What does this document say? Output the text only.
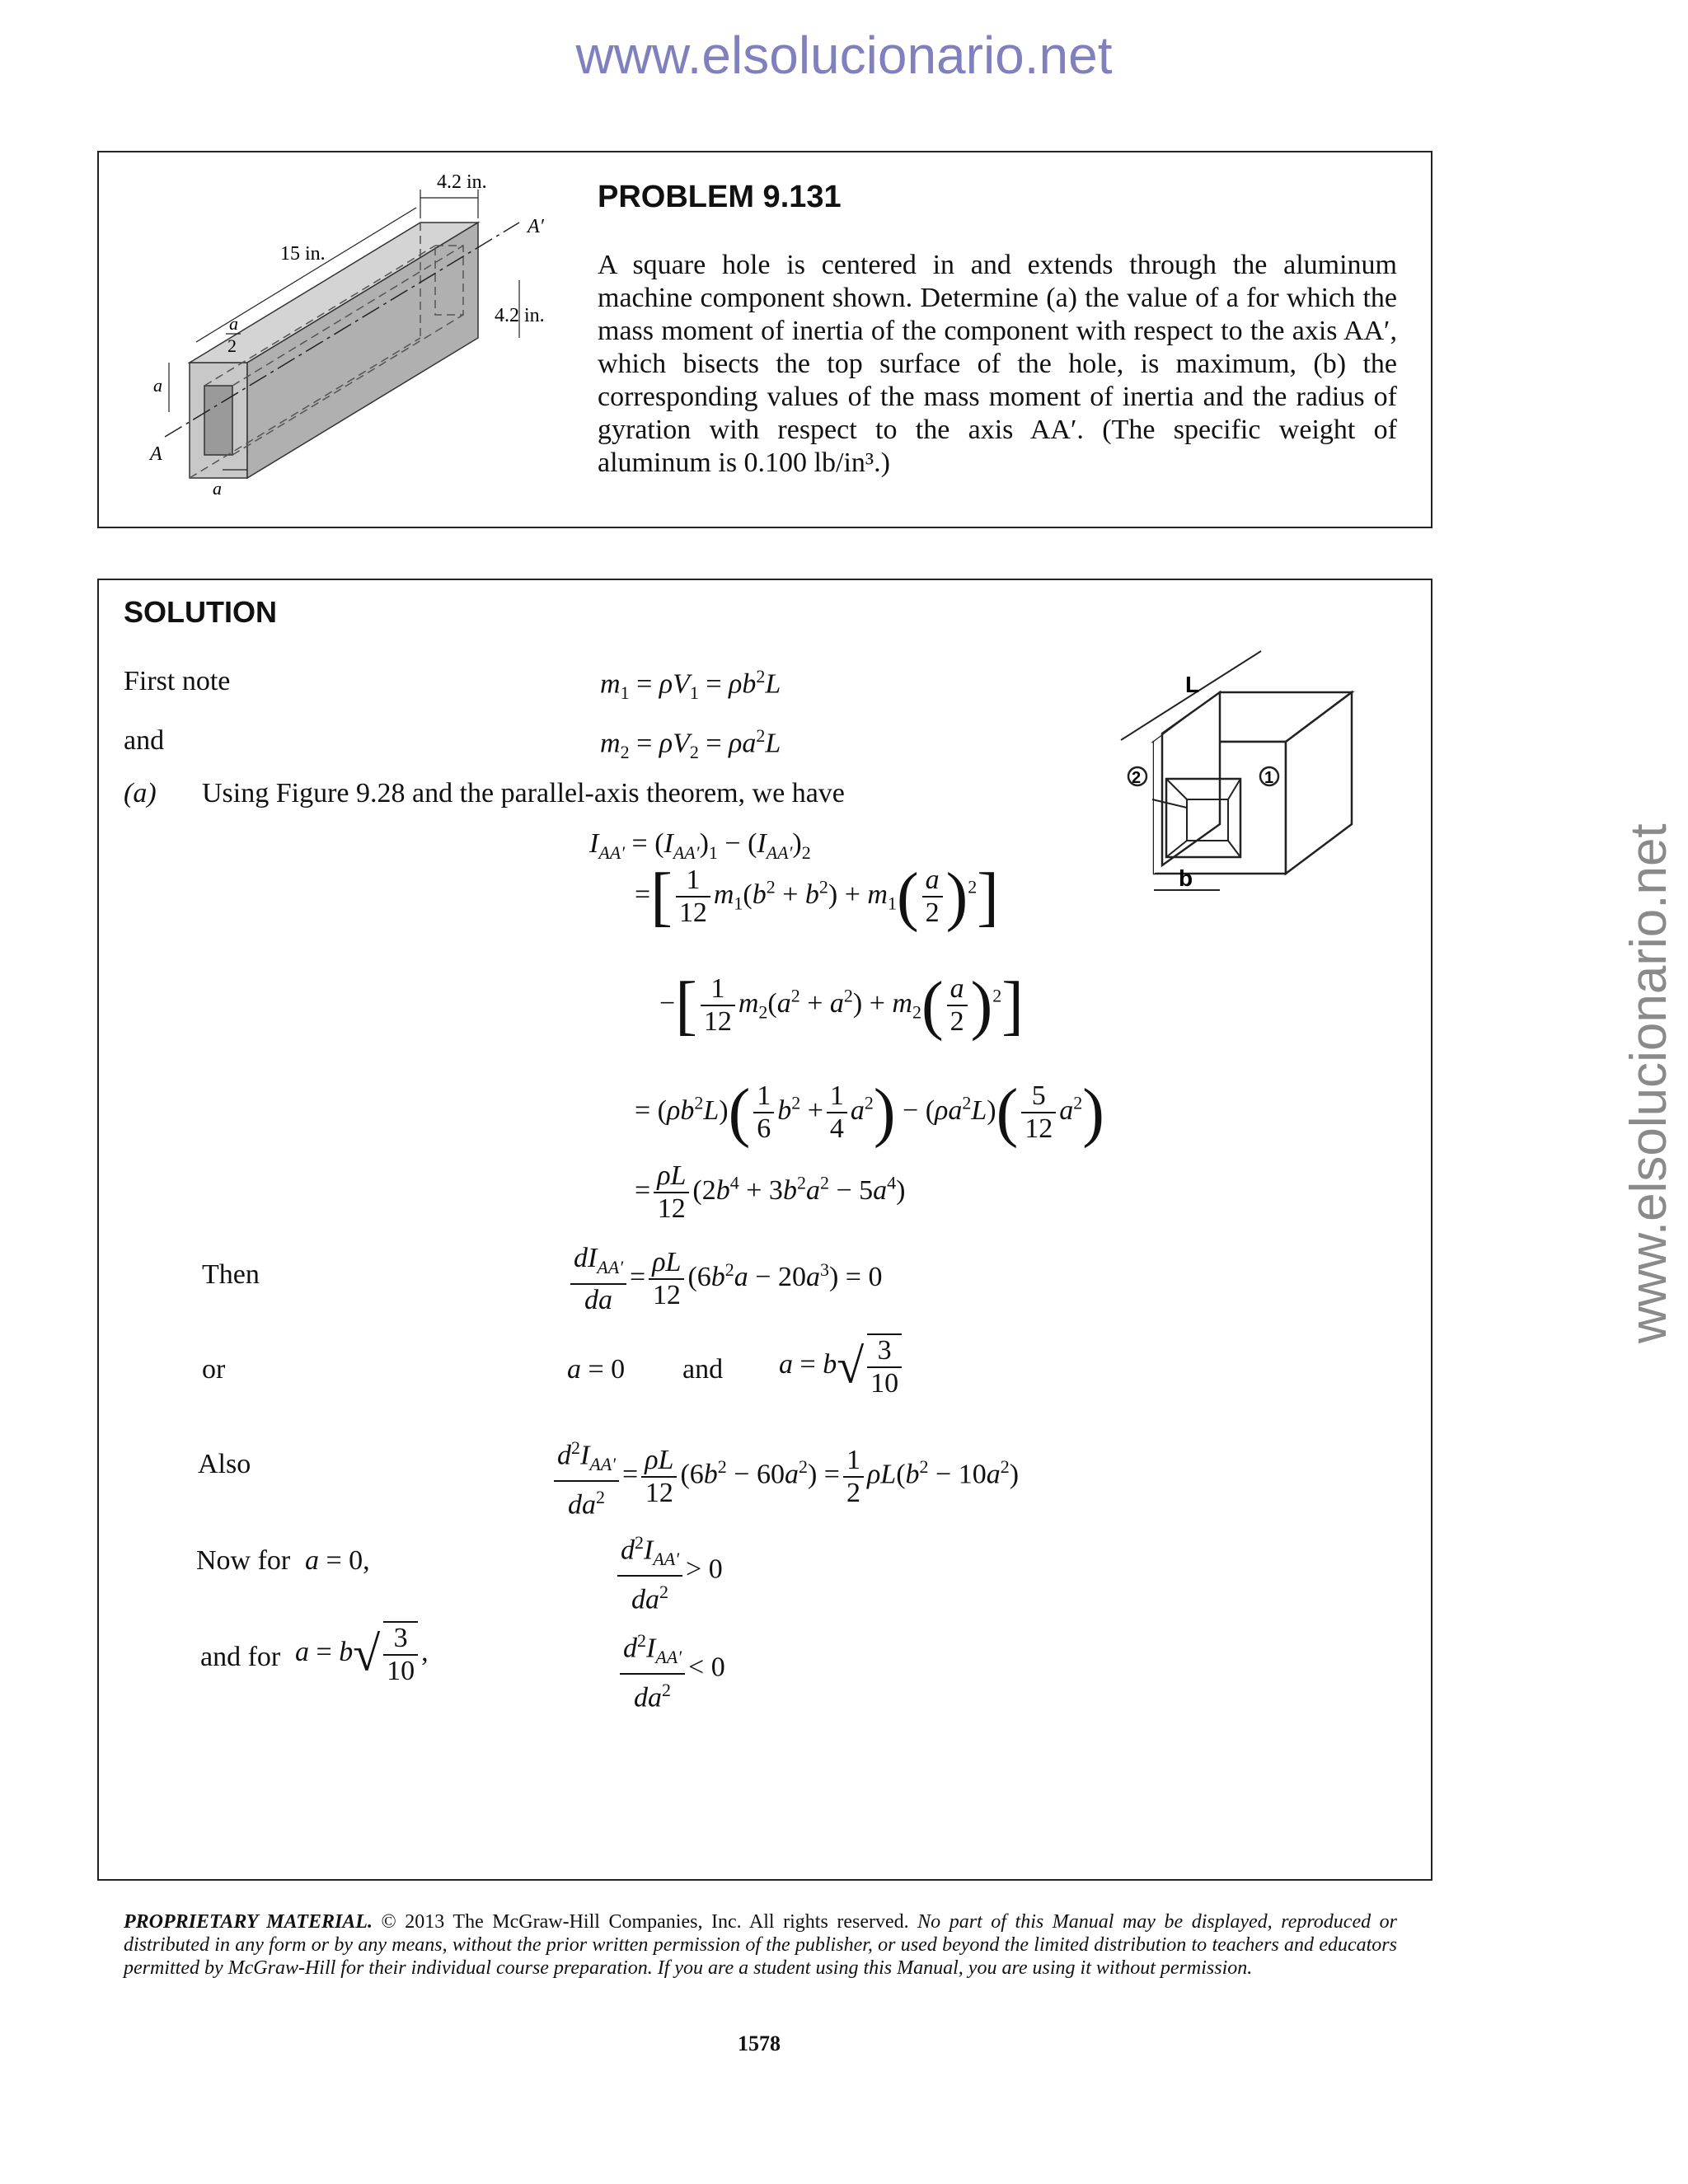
www.elsolucionario.net
www.elsolucionario.net
4.2 in.
15 in.
4.2 in.
A′
A
a
2
a
a
PROBLEM 9.131
A square hole is centered in and extends through the aluminum machine component shown. Determine (a) the value of a for which the mass moment of inertia of the component with respect to the axis AA′, which bisects the top surface of the hole, is maximum, (b) the corresponding values of the mass moment of inertia and the radius of gyration with respect to the axis AA′. (The specific weight of aluminum is 0.100 lb/in³.)
SOLUTION
2	1
L
b
First note	$m_1 = \rho V_1 = \rho b^2L$
and	$m_2 = \rho V_2 = \rho a^2L$
(a) Using Figure 9.28 and the parallel-axis theorem, we have
$I_{AA'} = (I_{AA'})_1 - (I_{AA'})_2$
=[ $\frac{1}{12} m_1(b^2 + b^2) + m_1( \frac{a}{2} )^2$]
−[ $\frac{1}{12} m_2(a^2 + a^2) + m_2( \frac{a}{2} )^2$]
= $(\rho b^2L)( \frac{1}{6} b^2 + \frac{1}{4} a^2) - (\rho a^2L)( \frac{5}{12} a^2)$
= $\frac{\rho L}{12} (2b^4 + 3b^2a^2 - 5a^4)$
Then	$\frac{dI_{AA'}}{da} = \frac{\rho L}{12} (6b^2a - 20a^3) = 0$
or	a = 0 and $a = b√ \frac{3}{10}$
Also	$\frac{d^2I_{AA'}}{da^2} = \frac{\rho L}{12} (6b^2 - 60a^2) = \frac{1}{2} \rho L(b^2 - 10a^2)$
Now for a = 0,	$\frac{d^2I_{AA'}}{da^2} > 0$
and for $a = b√ \frac{3}{10}$ ,	$\frac{d^2I_{AA'}}{da^2} < 0$
PROPRIETARY MATERIAL. © 2013 The McGraw-Hill Companies, Inc. All rights reserved. No part of this Manual may be displayed, reproduced or distributed in any form or by any means, without the prior written permission of the publisher, or used beyond the limited distribution to teachers and educators permitted by McGraw-Hill for their individual course preparation. If you are a student using this Manual, you are using it without permission.
1578
